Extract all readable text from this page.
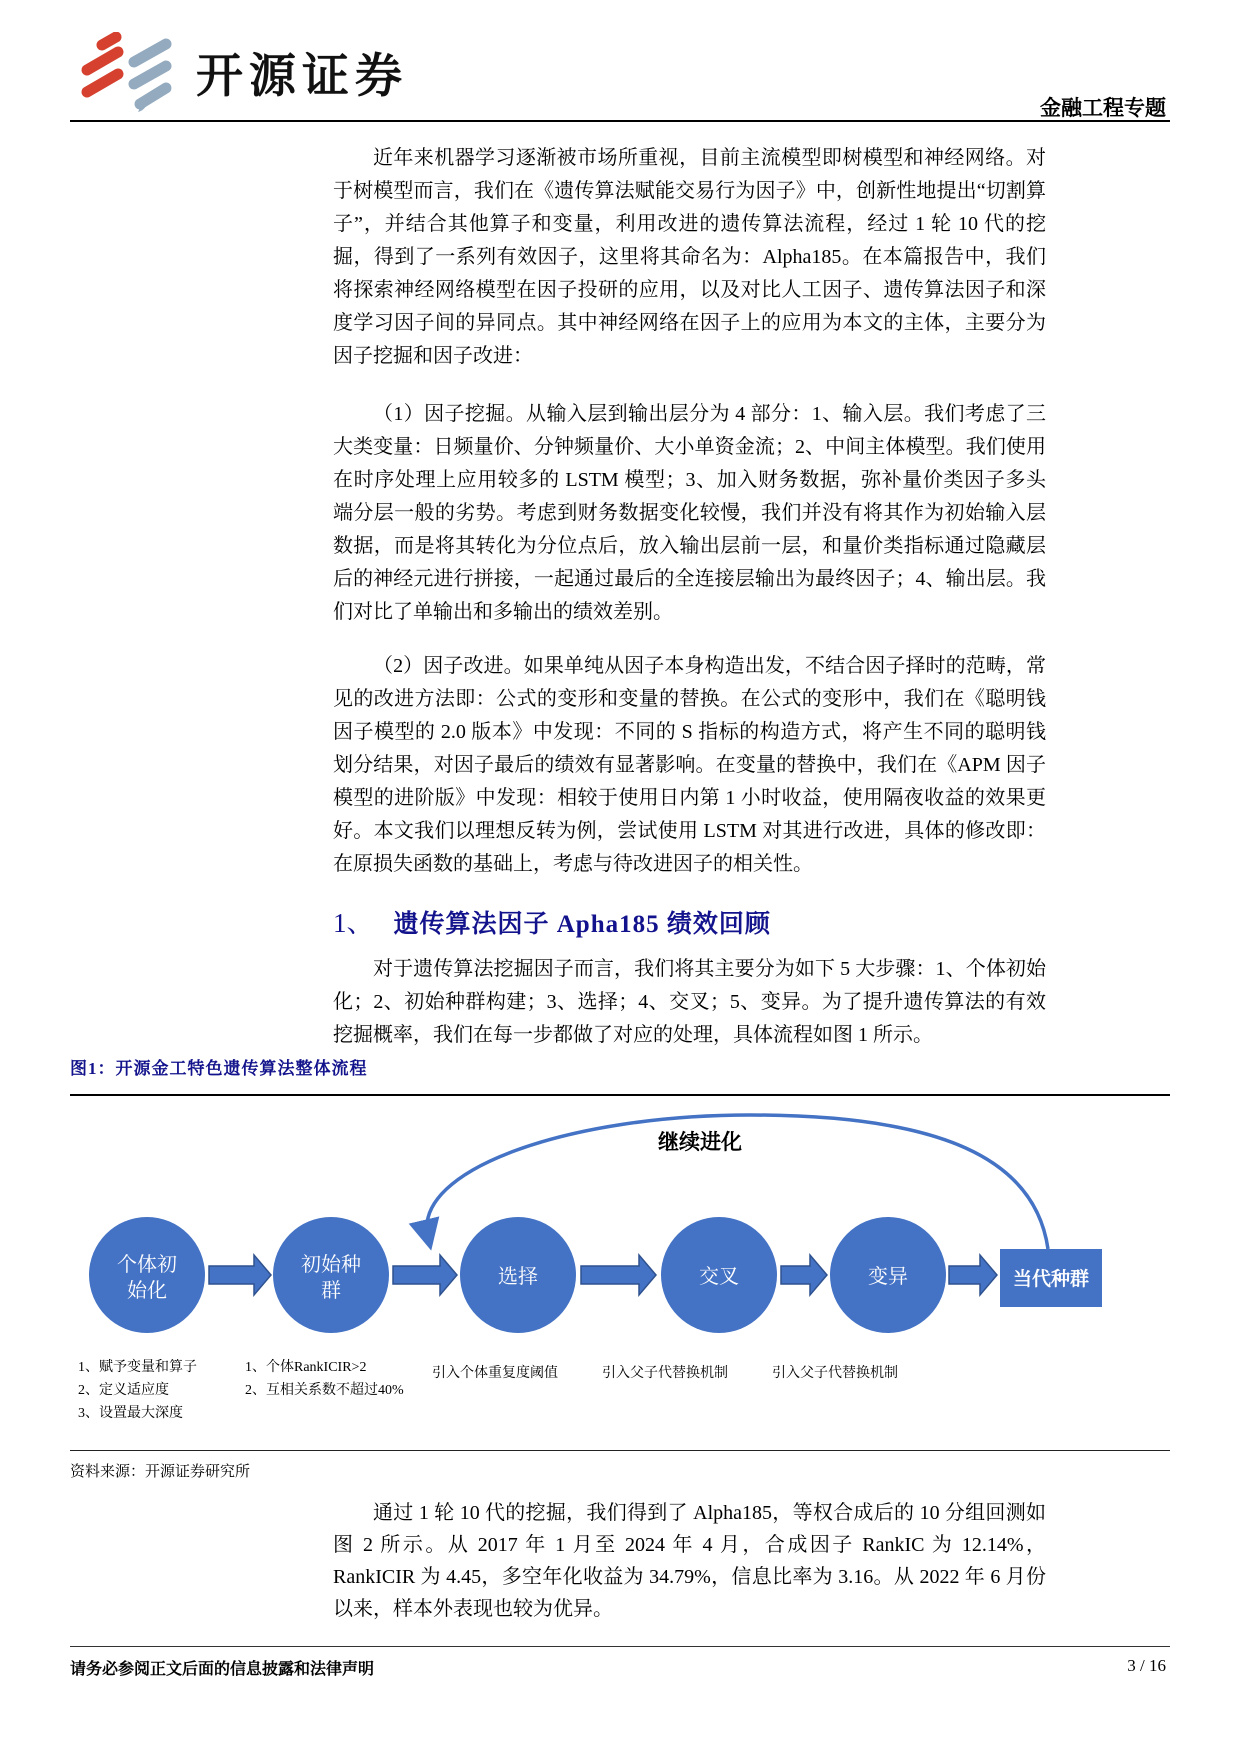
开源证券
金融工程专题

近年来机器学习逐渐被市场所重视，目前主流模型即树模型和神经网络。对于树模型而言，我们在《遗传算法赋能交易行为因子》中，创新性地提出“切割算子”，并结合其他算子和变量，利用改进的遗传算法流程，经过 1 轮 10 代的挖掘，得到了一系列有效因子，这里将其命名为：Alpha185。在本篇报告中，我们将探索神经网络模型在因子投研的应用，以及对比人工因子、遗传算法因子和深度学习因子间的异同点。其中神经网络在因子上的应用为本文的主体，主要分为因子挖掘和因子改进：

（1）因子挖掘。从输入层到输出层分为 4 部分：1、输入层。我们考虑了三大类变量：日频量价、分钟频量价、大小单资金流；2、中间主体模型。我们使用在时序处理上应用较多的 LSTM 模型；3、加入财务数据，弥补量价类因子多头端分层一般的劣势。考虑到财务数据变化较慢，我们并没有将其作为初始输入层数据，而是将其转化为分位点后，放入输出层前一层，和量价类指标通过隐藏层后的神经元进行拼接，一起通过最后的全连接层输出为最终因子；4、输出层。我们对比了单输出和多输出的绩效差别。

（2）因子改进。如果单纯从因子本身构造出发，不结合因子择时的范畴，常见的改进方法即：公式的变形和变量的替换。在公式的变形中，我们在《聪明钱因子模型的 2.0 版本》中发现：不同的 S 指标的构造方式，将产生不同的聪明钱划分结果，对因子最后的绩效有显著影响。在变量的替换中，我们在《APM 因子模型的进阶版》中发现：相较于使用日内第 1 小时收益，使用隔夜收益的效果更好。本文我们以理想反转为例，尝试使用 LSTM 对其进行改进，具体的修改即：在原损失函数的基础上，考虑与待改进因子的相关性。

1、 遗传算法因子 Apha185 绩效回顾

对于遗传算法挖掘因子而言，我们将其主要分为如下 5 大步骤：1、个体初始化；2、初始种群构建；3、选择；4、交叉；5、变异。为了提升遗传算法的有效挖掘概率，我们在每一步都做了对应的处理，具体流程如图 1 所示。

图1：开源金工特色遗传算法整体流程
继续进化
个体初
始化
初始种
群
选择	交叉	变异	当代种群
1、赋予变量和算子
2、定义适应度
3、设置最大深度
1、个体RankICIR>2
2、互相关系数不超过40%
引入个体重复度阈值	引入父子代替换机制	引入父子代替换机制
资料来源：开源证券研究所

通过 1 轮 10 代的挖掘，我们得到了 Alpha185，等权合成后的 10 分组回测如图 2 所示。从 2017 年 1 月至 2024 年 4 月，合成因子 RankIC 为 12.14%，RankICIR 为 4.45，多空年化收益为 34.79%，信息比率为 3.16。从 2022 年 6 月份以来，样本外表现也较为优异。

请务必参阅正文后面的信息披露和法律声明	3 / 16
